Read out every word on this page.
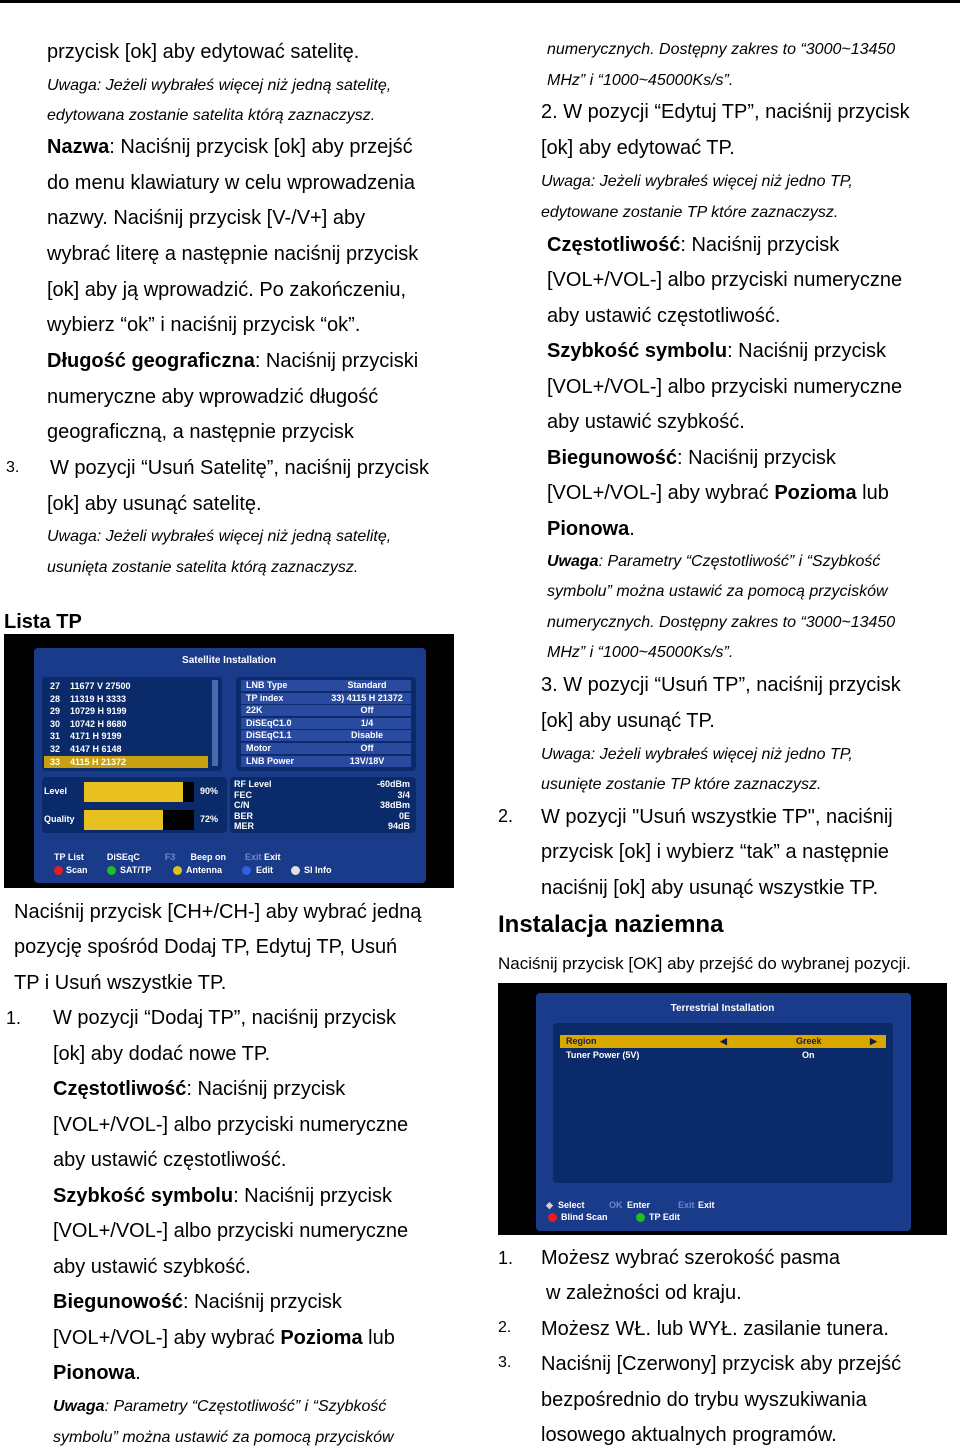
przycisk [ok] aby edytować satelitę.
Uwaga: Jeżeli wybrałeś więcej niż jedną satelitę,
edytowana zostanie satelita którą zaznaczysz.
Nazwa: Naciśnij przycisk [ok] aby przejść
do menu klawiatury w celu wprowadzenia
nazwy. Naciśnij przycisk [V-/V+] aby
wybrać literę a następnie naciśnij przycisk
[ok] aby ją wprowadzić. Po zakończeniu,
wybierz “ok” i naciśnij przycisk “ok”.
Długość geograficzna: Naciśnij przyciski
numeryczne aby wprowadzić długość
geograficzną, a następnie przycisk
3. W pozycji “Usuń Satelitę”, naciśnij przycisk
[ok] aby usunąć satelitę.
Uwaga: Jeżeli wybrałeś więcej niż jedną satelitę,
usunięta zostanie satelita którą zaznaczysz.
Lista TP
Satellite Installation
Level	90%
Quality	72%
TP List	DiSEqC	F3 Beep on Exit Exit
Scan	SAT/TP	Antenna	Edit	SI Info
27 11677 V 27500
28 11319 H 3333
29 10729 H 9199
30 10742 H 8680
31 4171 H 9199
32 4147 H 6148
33 4115 H 21372
LNB Type	Standard
TP index	33) 4115 H 21372
22K	Off
DiSEqC1.0	1/4
DiSEqC1.1	Disable
Motor	Off
LNB Power	13V/18V
RF Level	-60dBm
FEC	3/4
C/N	38dBm
BER	0E
MER	94dB
Naciśnij przycisk [CH+/CH-] aby wybrać jedną
pozycję spośród Dodaj TP, Edytuj TP, Usuń
TP i Usuń wszystkie TP.
1. W pozycji “Dodaj TP”, naciśnij przycisk
[ok] aby dodać nowe TP.
Częstotliwość: Naciśnij przycisk
[VOL+/VOL-] albo przyciski numeryczne
aby ustawić częstotliwość.
Szybkość symbolu: Naciśnij przycisk
[VOL+/VOL-] albo przyciski numeryczne
aby ustawić szybkość.
Biegunowość: Naciśnij przycisk
[VOL+/VOL-] aby wybrać Pozioma lub
Pionowa.
Uwaga: Parametry “Częstotliwość” i “Szybkość
symbolu” można ustawić za pomocą przycisków
numerycznych. Dostępny zakres to “3000~13450
MHz” i “1000~45000Ks/s”.
2. W pozycji “Edytuj TP”, naciśnij przycisk
[ok] aby edytować TP.
Uwaga: Jeżeli wybrałeś więcej niż jedno TP,
edytowane zostanie TP które zaznaczysz.
Częstotliwość: Naciśnij przycisk
[VOL+/VOL-] albo przyciski numeryczne
aby ustawić częstotliwość.
Szybkość symbolu: Naciśnij przycisk
[VOL+/VOL-] albo przyciski numeryczne
aby ustawić szybkość.
Biegunowość: Naciśnij przycisk
[VOL+/VOL-] aby wybrać Pozioma lub
Pionowa.
Uwaga: Parametry “Częstotliwość” i “Szybkość
symbolu” można ustawić za pomocą przycisków
numerycznych. Dostępny zakres to “3000~13450
MHz” i “1000~45000Ks/s”.
3. W pozycji “Usuń TP”, naciśnij przycisk
[ok] aby usunąć TP.
Uwaga: Jeżeli wybrałeś więcej niż jedno TP,
usunięte zostanie TP które zaznaczysz.
2. W pozycji "Usuń wszystkie TP", naciśnij
przycisk [ok] i wybierz “tak” a następnie
naciśnij [ok] aby usunąć wszystkie TP.
Instalacja naziemna
Naciśnij przycisk [OK] aby przejść do wybranej pozycji.
Terrestrial Installation
Region	◀	Greek	▶
Tuner Power (5V)	On
◆ Select	OK Enter	Exit Exit
Blind Scan	TP Edit
1. Możesz wybrać szerokość pasma
w zależności od kraju.
2. Możesz WŁ. lub WYŁ. zasilanie tunera.
3. Naciśnij [Czerwony] przycisk aby przejść
bezpośrednio do trybu wyszukiwania
losowego aktualnych programów.
